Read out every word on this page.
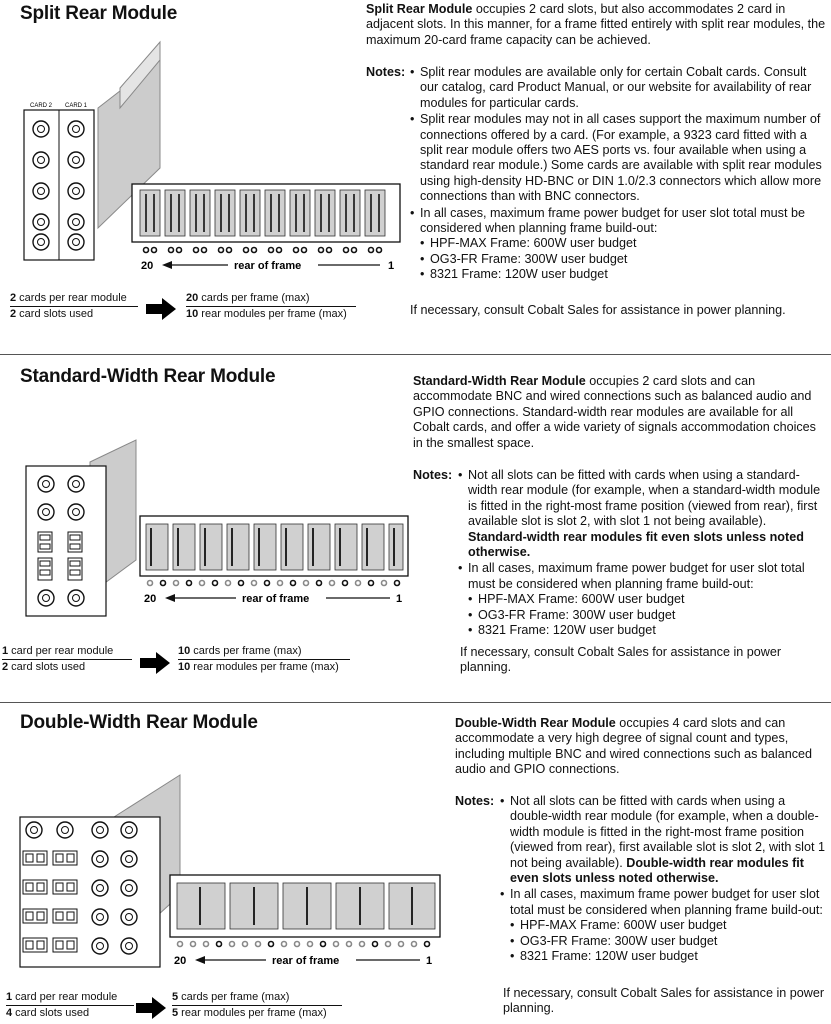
Split Rear Module
CARD 2 CARD 1
20	rear of frame	1
2 cards per rear module
2 card slots used
20 cards per frame (max)
10 rear modules per frame (max)
Split Rear Module occupies 2 card slots, but also accommodates 2 card in adjacent slots. In this manner, for a frame fitted entirely with split rear modules, the maximum 20-card frame capacity can be achieved.
Notes:	• Split rear modules are available only for certain Cobalt cards. Consult our catalog, card Product Manual, or our website for availability of rear modules for particular cards.
• Split rear modules may not in all cases support the maximum number of connections offered by a card. (For example, a 9323 card fitted with a split rear module offers two AES ports vs. four available when using a standard rear module.) Some cards are available with split rear modules using high-density HD-BNC or DIN 1.0/2.3 connectors which allow more connections than with BNC connectors.
• In all cases, maximum frame power budget for user slot total must be considered when planning frame build-out:
• HPF-MAX Frame: 600W user budget
• OG3-FR Frame: 300W user budget
• 8321 Frame: 120W user budget
If necessary, consult Cobalt Sales for assistance in power planning.
Standard-Width Rear Module
20	rear of frame	1
1 card per rear module
2 card slots used
10 cards per frame (max)
10 rear modules per frame (max)
Standard-Width Rear Module occupies 2 card slots and can accommodate BNC and wired connections such as balanced audio and GPIO connections. Standard-width rear modules are available for all Cobalt cards, and offer a wide variety of signals accommodation choices in the smallest space.
Notes:	• Not all slots can be fitted with cards when using a standard-width rear module (for example, when a standard-width module is fitted in the right-most frame position (viewed from rear), first available slot is slot 2, with slot 1 not being available). Standard-width rear modules fit even slots unless noted otherwise.
• In all cases, maximum frame power budget for user slot total must be considered when planning frame build-out:
• HPF-MAX Frame: 600W user budget
• OG3-FR Frame: 300W user budget
• 8321 Frame: 120W user budget
If necessary, consult Cobalt Sales for assistance in power planning.
Double-Width Rear Module
20	rear of frame	1
1 card per rear module
4 card slots used
5 cards per frame (max)
5 rear modules per frame (max)
Double-Width Rear Module occupies 4 card slots and can accommodate a very high degree of signal count and types, including multiple BNC and wired connections such as balanced audio and GPIO connections.
Notes:	• Not all slots can be fitted with cards when using a double-width rear module (for example, when a double-width module is fitted in the right-most frame position (viewed from rear), first available slot is slot 2, with slot 1 not being available). Double-width rear modules fit even slots unless noted otherwise.
• In all cases, maximum frame power budget for user slot total must be considered when planning frame build-out:
• HPF-MAX Frame: 600W user budget
• OG3-FR Frame: 300W user budget
• 8321 Frame: 120W user budget
If necessary, consult Cobalt Sales for assistance in power planning.
